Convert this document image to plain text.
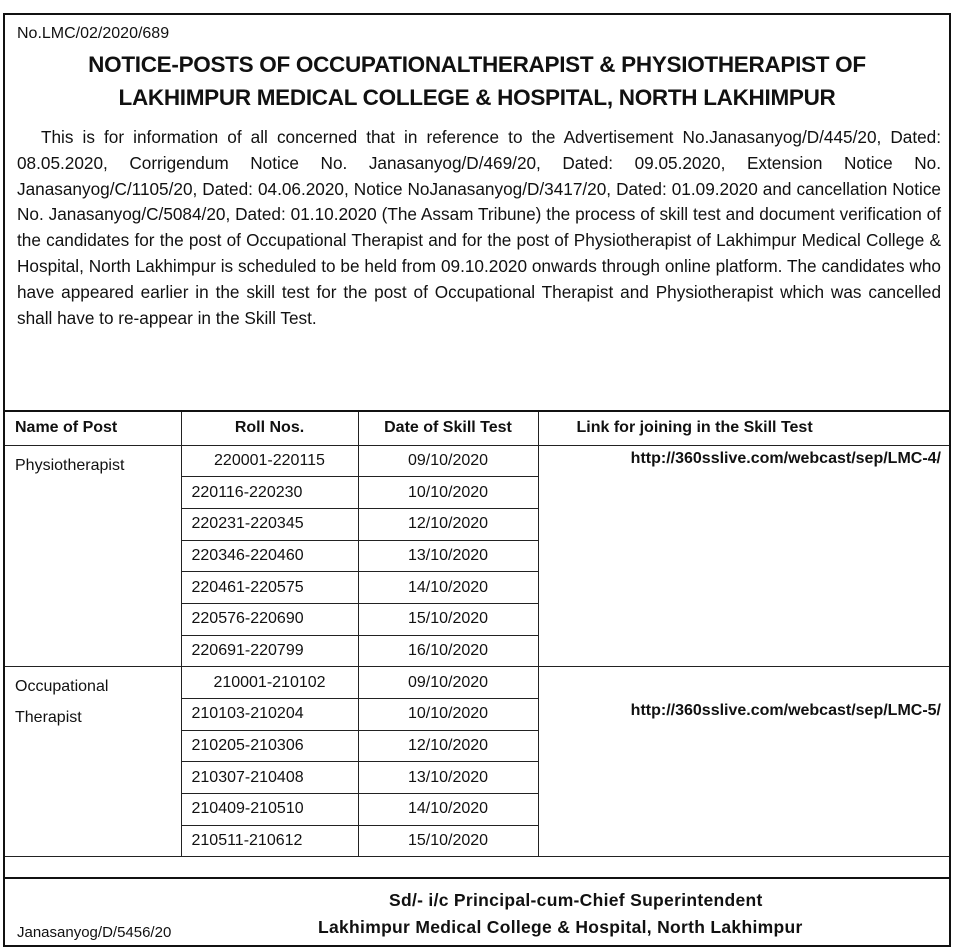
No.LMC/02/2020/689
NOTICE-POSTS OF OCCUPATIONALTHERAPIST & PHYSIOTHERAPIST OF
LAKHIMPUR MEDICAL COLLEGE & HOSPITAL, NORTH LAKHIMPUR
This is for information of all concerned that in reference to the Advertisement No.Janasanyog/D/445/20, Dated: 08.05.2020, Corrigendum Notice No. Janasanyog/D/469/20, Dated: 09.05.2020, Extension Notice No. Janasanyog/C/1105/20, Dated: 04.06.2020, Notice NoJanasanyog/D/3417/20, Dated: 01.09.2020 and cancellation Notice No. Janasanyog/C/5084/20, Dated: 01.10.2020 (The Assam Tribune) the process of skill test and document verification of the candidates for the post of Occupational Therapist and for the post of Physiotherapist of Lakhimpur Medical College & Hospital, North Lakhimpur is scheduled to be held from 09.10.2020 onwards through online platform. The candidates who have appeared earlier in the skill test for the post of Occupational Therapist and Physiotherapist which was cancelled shall have to re-appear in the Skill Test.
Name of Post	Roll Nos.	Date of Skill Test	Link for joining in the Skill Test
Physiotherapist	220001-220115	09/10/2020	http://360sslive.com/webcast/sep/LMC-4/
	220116-220230	10/10/2020	
	220231-220345	12/10/2020	
	220346-220460	13/10/2020	
	220461-220575	14/10/2020	
	220576-220690	15/10/2020	
	220691-220799	16/10/2020	
Occupational
Therapist	210001-210102	09/10/2020	http://360sslive.com/webcast/sep/LMC-5/
	210103-210204	10/10/2020	
	210205-210306	12/10/2020	
	210307-210408	13/10/2020	
	210409-210510	14/10/2020	
	210511-210612	15/10/2020	
Janasanyog/D/5456/20
Sd/- i/c Principal-cum-Chief Superintendent
Lakhimpur Medical College & Hospital, North Lakhimpur
